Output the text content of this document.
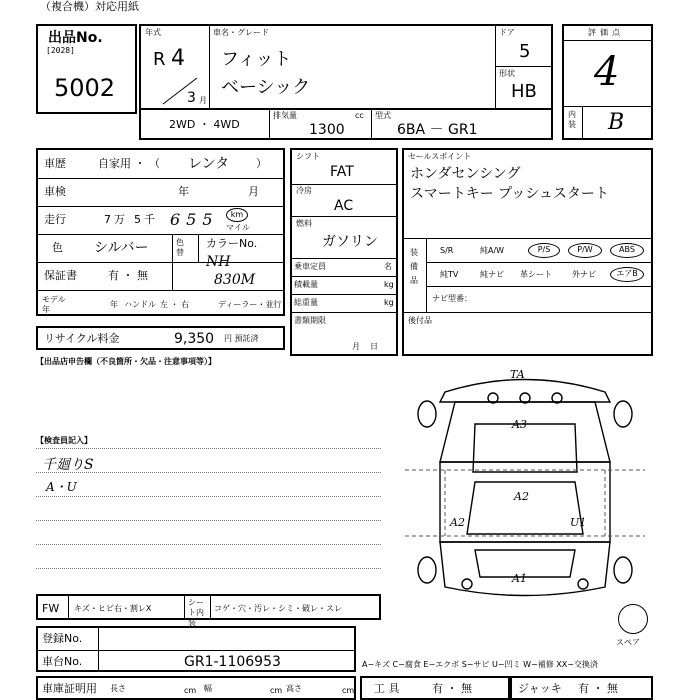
（複合機）対応用紙
出品No.
[2028]
5002
年式
R 4
3 月
車名・グレード
フィット
ベーシック
ドア
5
形状
HB
評価点
4
内装 B
2WD ・ 4WD
排気量	cc
1300
型式
6BA － GR1
車歴	自家用 ・ （ レンタ ）
車検	年	月
走行	7 万 5 千 655	km
マイル
色 シルバー	色替
カラーNo.
NH
830M
保証書	有 ・ 無
モデル年
年 ハンドル 左 ・ 右	ディーラー・並行
リサイクル料金	9,350 円 預託済
【出品店申告欄（不良箇所・欠品・注意事項等）】
シフト
FAT
冷房
AC
燃料
ガソリン
乗車定員	名
積載量	kg
総重量	kg
書類期限
月日
セールスポイント
ホンダセンシング
スマートキー プッシュスタート
装備品
S/R	純A/W	P/S	P/W	ABS
純TV	純ナビ 革シート	外ナビ	エアB
ナビ型番：
後付品
【検査員記入】
千廻りS
A・U
TA
A3
A2
A2	U1
A1
FW キズ・ヒビ右・割レX
シート内装
コゲ・穴・汚レ・シミ・破レ・スレ
スペア
登録No.
車台No.	GR1-1106953	A−キズ C−腐食 E−エクボ S−サビ U−凹ミ W−補修 XX−交換済
車庫証明用 長さ	cm 幅	cm 高さ	cm 工 具	有 ・ 無	ジャッキ 有 ・ 無
